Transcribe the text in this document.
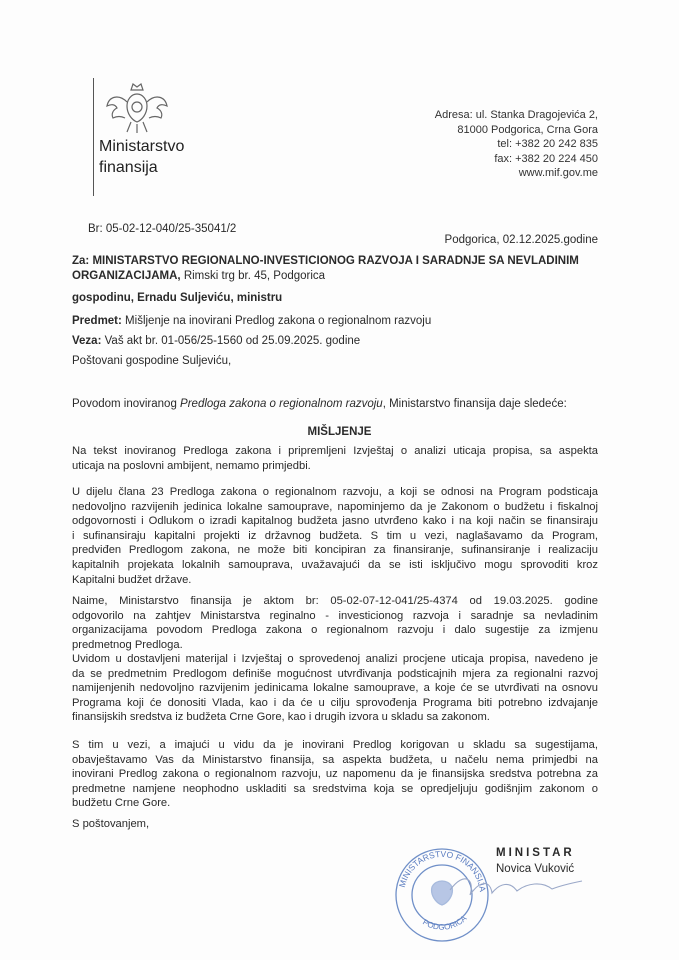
Ministarstvo
finansija
Adresa: ul. Stanka Dragojevića 2,
81000 Podgorica, Crna Gora
tel: +382 20 242 835
fax: +382 20 224 450
www.mif.gov.me
Br: 05-02-12-040/25-35041/2
Podgorica, 02.12.2025.godine
Za: MINISTARSTVO REGIONALNO-INVESTICIONOG RAZVOJA I SARADNJE SA NEVLADINIM
ORGANIZACIJAMA, Rimski trg br. 45, Podgorica
gospodinu, Ernadu Suljeviću, ministru
Predmet: Mišljenje na inovirani Predlog zakona o regionalnom razvoju
Veza: Vaš akt br. 01-056/25-1560 od 25.09.2025. godine
Poštovani gospodine Suljeviću,
Povodom inoviranog Predloga zakona o regionalnom razvoju, Ministarstvo finansija daje sledeće:
MIŠLJENJE
Na tekst inoviranog Predloga zakona i pripremljeni Izvještaj o analizi uticaja propisa, sa aspekta
uticaja na poslovni ambijent, nemamo primjedbi.
U dijelu člana 23 Predloga zakona o regionalnom razvoju, a koji se odnosi na Program podsticaja
nedovoljno razvijenih jedinica lokalne samouprave, napominjemo da je Zakonom o budžetu i fiskalnoj
odgovornosti i Odlukom o izradi kapitalnog budžeta jasno utvrđeno kako i na koji način se finansiraju
i sufinansiraju kapitalni projekti iz državnog budžeta. S tim u vezi, naglašavamo da Program,
predviđen Predlogom zakona, ne može biti koncipiran za finansiranje, sufinansiranje i realizaciju
kapitalnih projekata lokalnih samouprava, uvažavajući da se isti isključivo mogu sprovoditi kroz
Kapitalni budžet države.
Naime, Ministarstvo finansija je aktom br: 05-02-07-12-041/25-4374 od 19.03.2025. godine
odgovorilo na zahtjev Ministarstva reginalno - investicionog razvoja i saradnje sa nevladinim
organizacijama povodom Predloga zakona o regionalnom razvoju i dalo sugestije za izmjenu
predmetnog Predloga.
Uvidom u dostavljeni materijal i Izvještaj o sprovedenoj analizi procjene uticaja propisa, navedeno je
da se predmetnim Predlogom definiše mogućnost utvrđivanja podsticajnih mjera za regionalni razvoj
namijenjenih nedovoljno razvijenim jedinicama lokalne samouprave, a koje će se utvrđivati na osnovu
Programa koji će donositi Vlada, kao i da će u cilju sprovođenja Programa biti potrebno izdvajanje
finansijskih sredstva iz budžeta Crne Gore, kao i drugih izvora u skladu sa zakonom.
S tim u vezi, a imajući u vidu da je inovirani Predlog korigovan u skladu sa sugestijama,
obavještavamo Vas da Ministarstvo finansija, sa aspekta budžeta, u načelu nema primjedbi na
inovirani Predlog zakona o regionalnom razvoju, uz napomenu da je finansijska sredstva potrebna za
predmetne namjene neophodno uskladiti sa sredstvima koja se opredjeljuju godišnjim zakonom o
budžetu Crne Gore.
S poštovanjem,
MINISTARSTVO FINANSIJA
PODGORICA
MINISTAR
Novica Vuković
